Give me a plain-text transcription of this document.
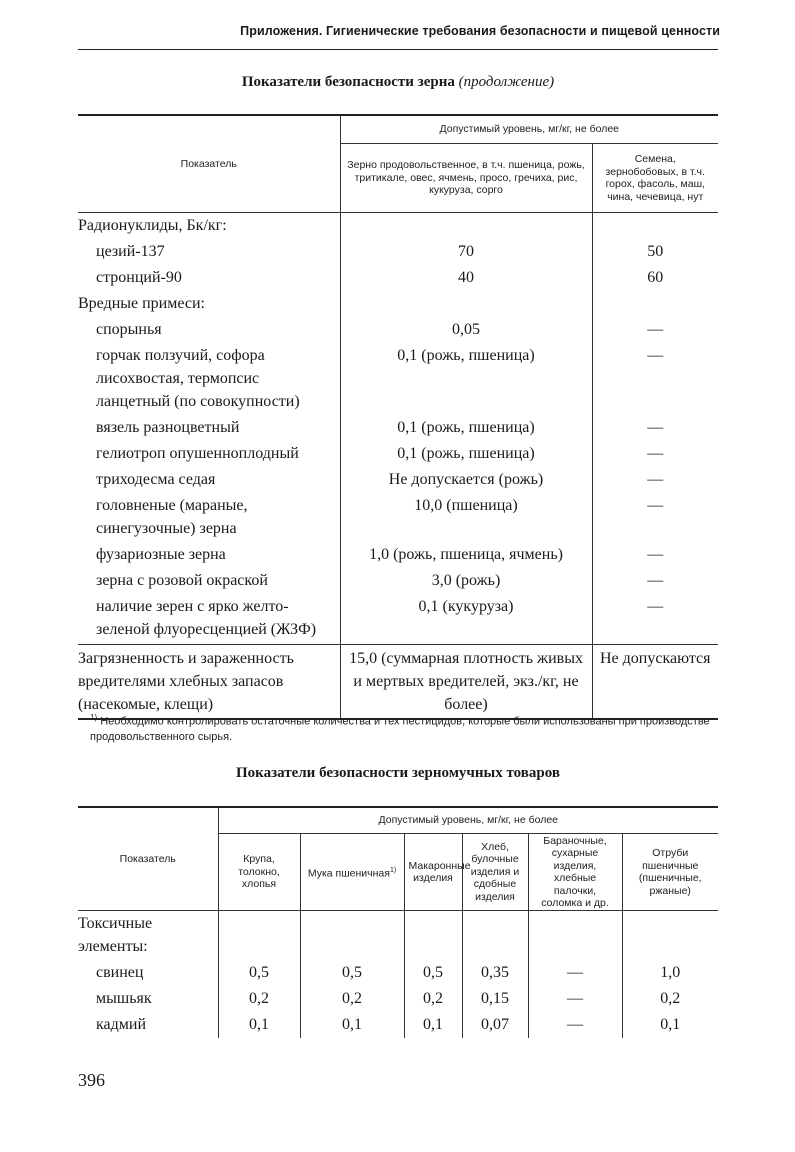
Приложения. Гигиенические требования безопасности и пищевой ценности
Показатели безопасности зерна (продолжение)
Показатель	Допустимый уровень, мг/кг, не более	
	Зерно продовольственное, в т.ч. пшеница, рожь, тритикале, овес, ячмень, просо, гречиха, рис, кукуруза, сорго	Семена, зернобобовых, в т.ч. горох, фасоль, маш, чина, чечевица, нут
Радионуклиды, Бк/кг:		
цезий-137	70	50
стронций-90	40	60
Вредные примеси:		
спорынья	0,05	—
горчак ползучий, софора лисохвостая, термопсис ланцетный (по совокупности)	0,1 (рожь, пшеница)	—
вязель разноцветный	0,1 (рожь, пшеница)	—
гелиотроп опушенноплодный	0,1 (рожь, пшеница)	—
триходесма седая	Не допускается (рожь)	—
головненые (мараные, синегузочные) зерна	10,0 (пшеница)	—
фузариозные зерна	1,0 (рожь, пшеница, ячмень)	—
зерна с розовой окраской	3,0 (рожь)	—
наличие зерен с ярко желто-зеленой флуоресценцией (ЖЗФ)	0,1 (кукуруза)	—
Загрязненность и зараженность вредителями хлебных запасов (насекомые, клещи)	15,0 (суммарная плотность живых и мертвых вредителей, экз./кг, не более)	Не допускаются
$^{1)}$ Необходимо контролировать остаточные количества и тех пестицидов, которые были использованы при производстве продовольственного сырья.
Показатели безопасности зерномучных товаров
Показатель	Допустимый уровень, мг/кг, не более					
	Крупа, толокно, хлопья	Мука пшеничная$^{1)}$	Макаронные изделия	Хлеб, булочные изделия и сдобные изделия	Бараночные, сухарные изделия, хлебные палочки, соломка и др.	Отруби пшеничные (пшеничные, ржаные)
Токсичные элементы:						
свинец	0,5	0,5	0,5	0,35	—	1,0
мышьяк	0,2	0,2	0,2	0,15	—	0,2
кадмий	0,1	0,1	0,1	0,07	—	0,1
396
